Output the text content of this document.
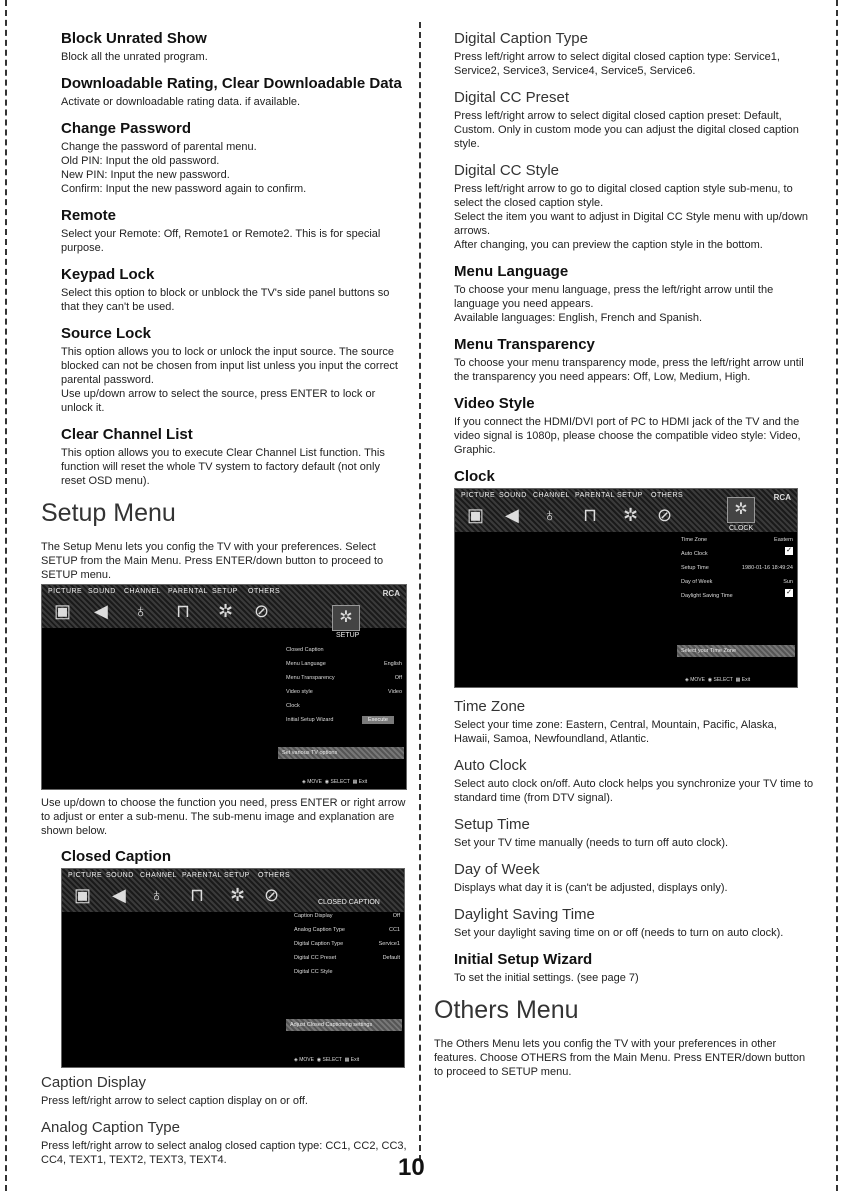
Block Unrated Show

Block all the unrated program.

Downloadable Rating, Clear Downloadable Data

Activate or downloadable rating data. if available.

Change Password

Change the password of parental menu.

Old PIN: Input the old password.

New PIN: Input the new password.

Confirm: Input the new password again to confirm.

Remote

Select your Remote: Off, Remote1 or Remote2. This is for special purpose.

Keypad Lock

Select this option to block or unblock the TV's side panel buttons so that they can't be used.

Source Lock

This option allows you to lock or unlock the input source. The source blocked can not be chosen from input list unless you input the correct parental password.

Use up/down arrow to select the source, press ENTER to lock or unlock it.

Clear Channel List

This option allows you to execute Clear Channel List function. This function will reset the whole TV system to factory default (not only reset OSD menu).

Setup Menu

The Setup Menu lets you config the TV with your preferences. Select SETUP from the Main Menu. Press ENTER/down button to proceed to SETUP menu.

PICTURE SOUND CHANNEL PARENTAL SETUP OTHERS
▣ ◀ ♁ ⊓ ✲ ⊘
RCA
✲
SETUP
Closed Caption
Menu Language	English
Menu Transparency	Off
Video style	Video
Clock
Initial Setup Wizard	Execute
Set various TV options
◈ MOVE  ◉ SELECT  ▦ Exit

Use up/down to choose the function you need, press ENTER or right arrow to adjust or enter a sub-menu. The sub-menu image and explanation are shown below.

Closed Caption
PICTURE SOUND CHANNEL PARENTAL SETUP OTHERS
▣ ◀ ♁ ⊓ ✲ ⊘	CLOSED CAPTION
Caption Display	Off
Analog Caption Type	CC1
Digital Caption Type	Service1
Digital CC Preset	Default
Digital CC Style
Adjust Closed Captioning settings
◈ MOVE  ◉ SELECT  ▦ Exit
Caption Display

Press left/right arrow to select caption display on or off.

Analog Caption Type

Press left/right arrow to select analog closed caption type: CC1, CC2, CC3, CC4, TEXT1, TEXT2, TEXT3, TEXT4.

Digital Caption Type

Press left/right arrow to select digital closed caption type: Service1, Service2, Service3, Service4, Service5, Service6.

Digital CC Preset

Press left/right arrow to select digital closed caption preset: Default, Custom. Only in custom mode you can adjust the digital closed caption style.

Digital CC Style

Press left/right arrow to go to digital closed caption style sub-menu, to select the closed caption style.

Select the item you want to adjust in Digital CC Style menu with up/down arrows.

After changing, you can preview the caption style in the bottom.

Menu Language

To choose your menu language, press the left/right arrow until the language you need appears.

Available languages: English, French and Spanish.

Menu Transparency

To choose your menu transparency mode, press the left/right arrow until the transparency you need appears: Off, Low, Medium, High.

Video Style

If you connect the HDMI/DVI port of PC to HDMI jack of the TV and the video signal is 1080p, please choose the compatible video style: Video, Graphic.

Clock
PICTURE SOUND CHANNEL PARENTAL SETUP OTHERS
▣ ◀ ♁ ⊓ ✲ ⊘
RCA
✲
CLOCK
Time Zone	Eastern
Auto Clock	✓
Setup Time	1980-01-16 18:49:24
Day of Week	Sun
Daylight Saving Time	✓
Select your Time Zone
◈ MOVE  ◉ SELECT  ▦ Exit
Time Zone

Select your time zone: Eastern, Central, Mountain, Pacific, Alaska, Hawaii, Samoa, Newfoundland, Atlantic.

Auto Clock

Select auto clock on/off. Auto clock helps you synchronize your TV time to standard time (from DTV signal).

Setup Time

Set your TV time manually (needs to turn off auto clock).

Day of Week

Displays what day it is (can't be adjusted, displays only).

Daylight Saving Time

Set your daylight saving time on or off (needs to turn on auto clock).

Initial Setup Wizard

To set the initial settings. (see page 7)

Others Menu

The Others Menu lets you config the TV with your preferences in other features. Choose OTHERS from the Main Menu. Press ENTER/down button to proceed to SETUP menu.

10
